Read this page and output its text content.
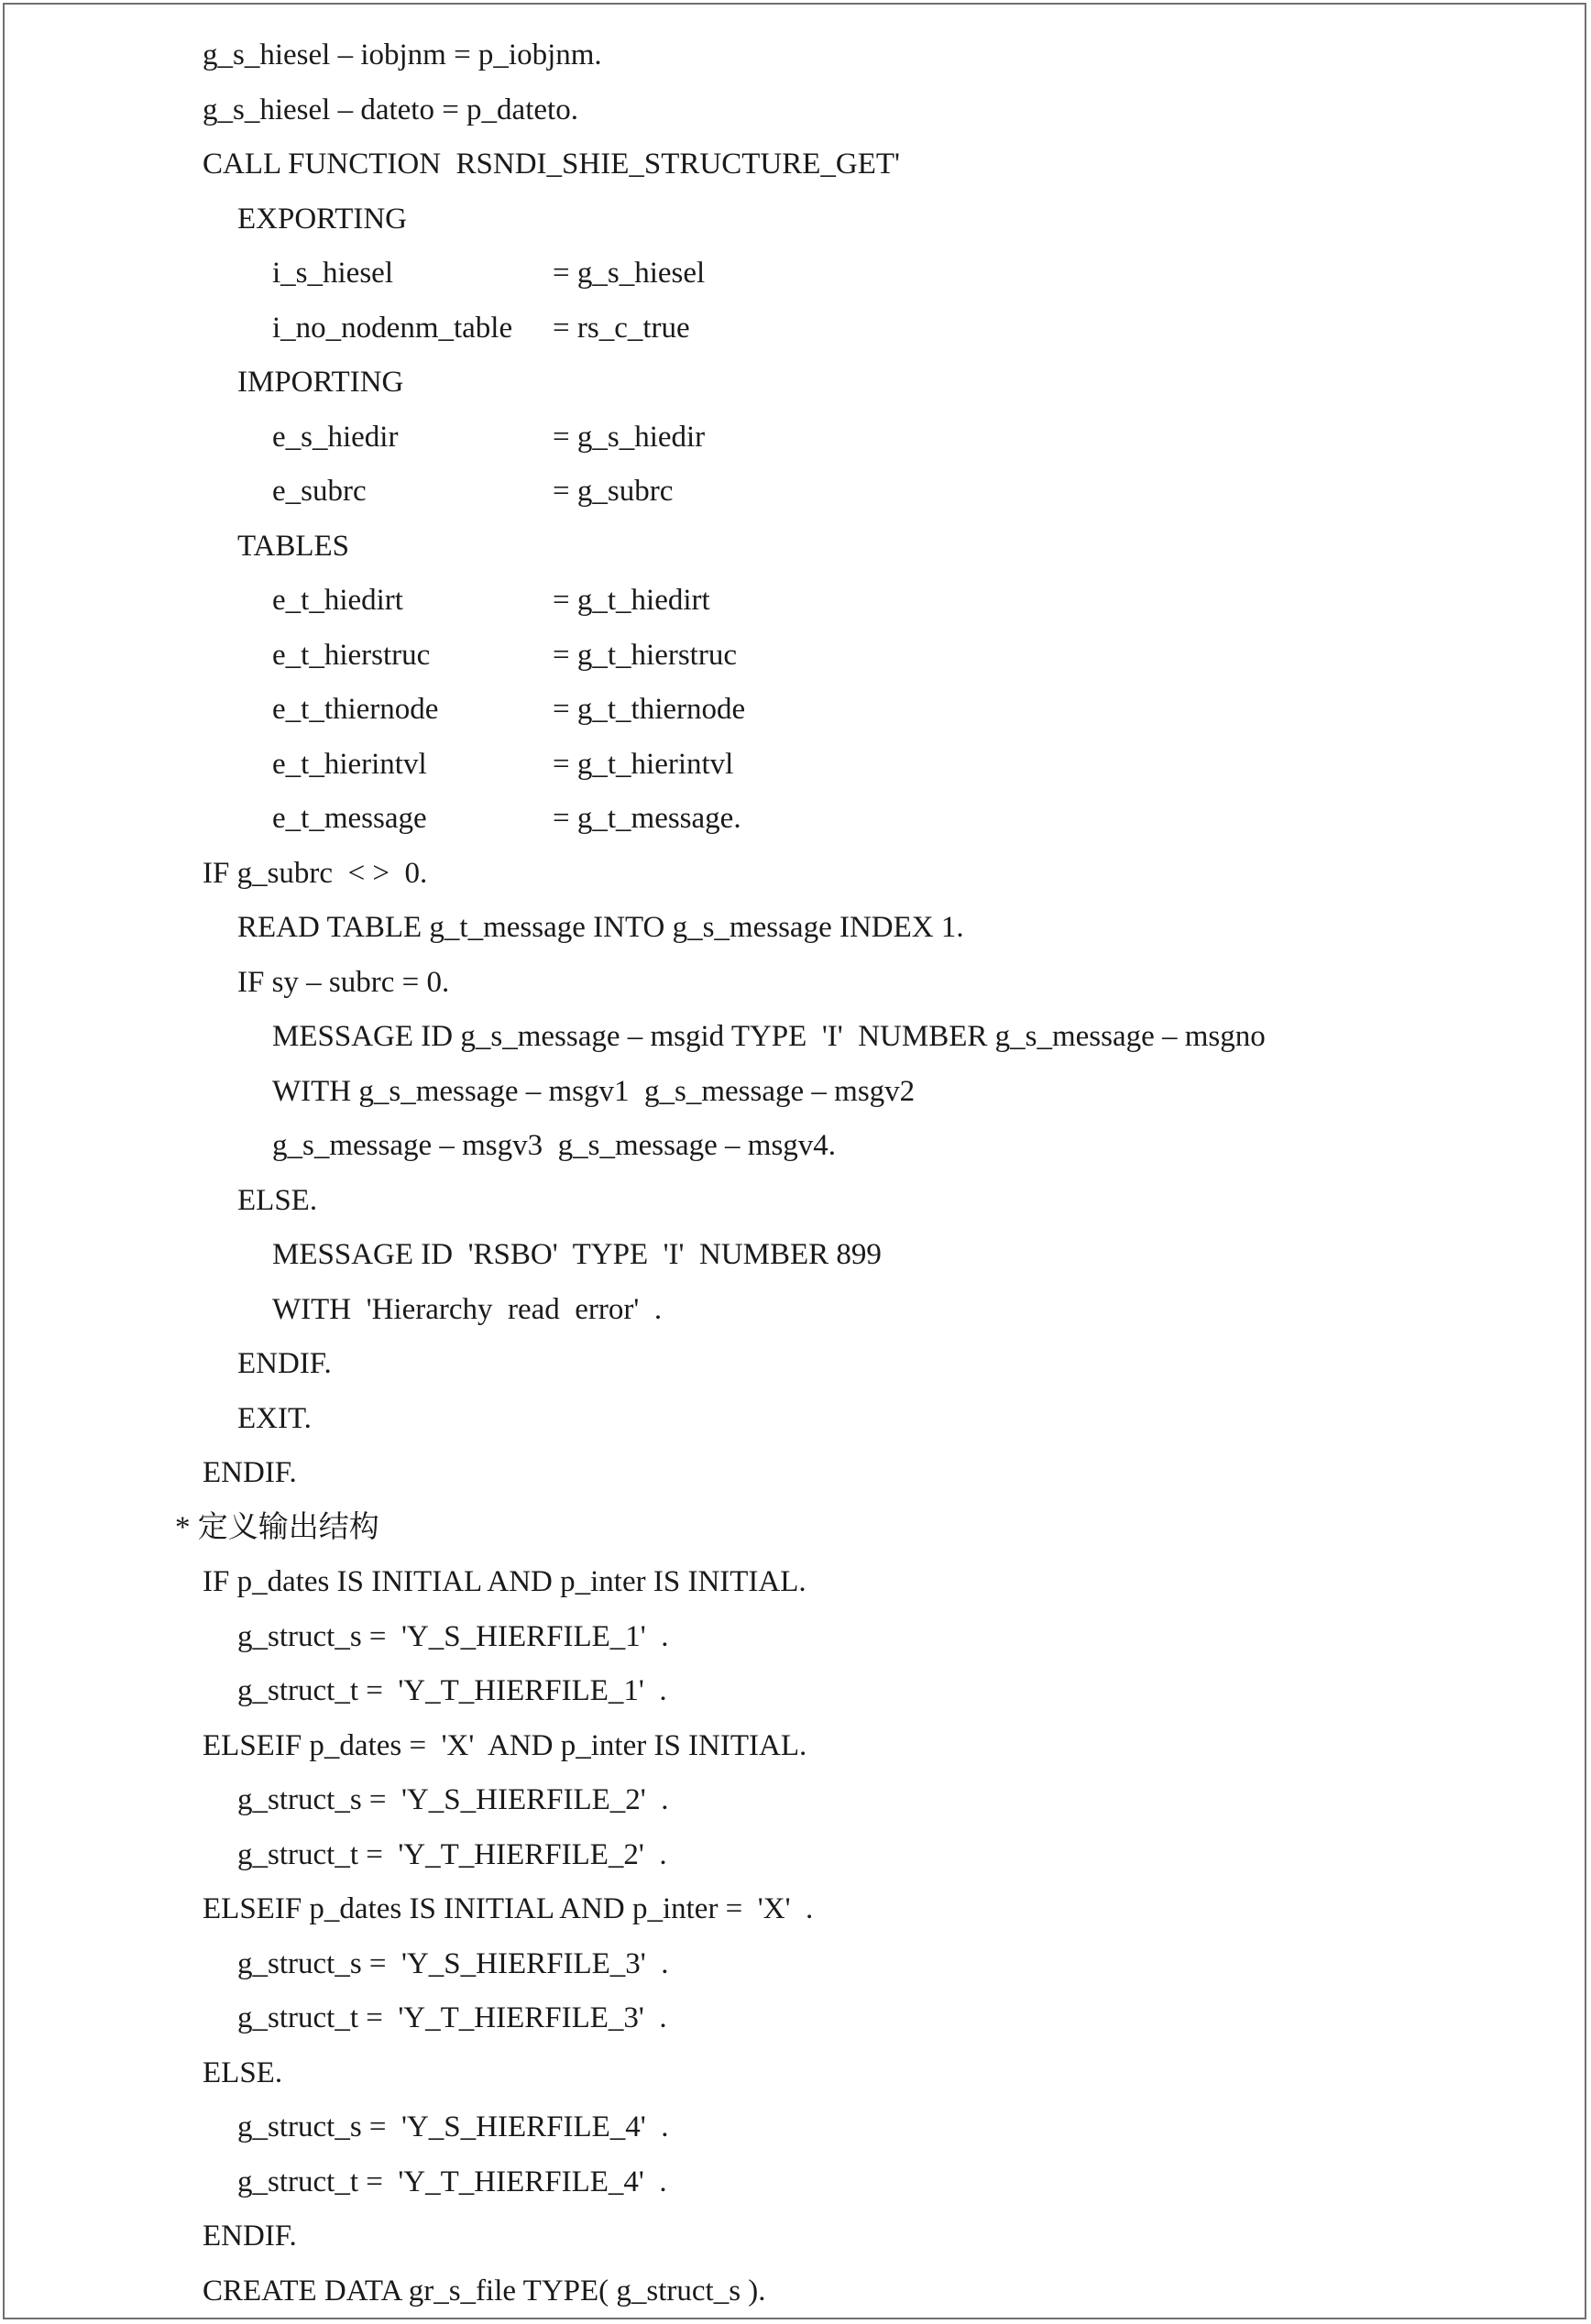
g_s_hiesel – iobjnm = p_iobjnm.
g_s_hiesel – dateto = p_dateto.
CALL FUNCTION  RSNDI_SHIE_STRUCTURE_GET'
EXPORTING
i_s_hiesel	= g_s_hiesel
i_no_nodenm_table = rs_c_true
IMPORTING
e_s_hiedir	= g_s_hiedir
e_subrc	= g_subrc
TABLES
e_t_hiedirt	= g_t_hiedirt
e_t_hierstruc	= g_t_hierstruc
e_t_thiernode	= g_t_thiernode
e_t_hierintvl	= g_t_hierintvl
e_t_message	= g_t_message.
IF g_subrc  < >  0.
READ TABLE g_t_message INTO g_s_message INDEX 1.
IF sy – subrc = 0.
MESSAGE ID g_s_message – msgid TYPE  'I'  NUMBER g_s_message – msgno
WITH g_s_message – msgv1  g_s_message – msgv2
g_s_message – msgv3  g_s_message – msgv4.
ELSE.
MESSAGE ID  'RSBO'  TYPE  'I'  NUMBER 899
WITH  'Hierarchy  read  error'  .
ENDIF.
EXIT.
ENDIF.
* 定义输出结构
IF p_dates IS INITIAL AND p_inter IS INITIAL.
g_struct_s =  'Y_S_HIERFILE_1'  .
g_struct_t =  'Y_T_HIERFILE_1'  .
ELSEIF p_dates =  'X'  AND p_inter IS INITIAL.
g_struct_s =  'Y_S_HIERFILE_2'  .
g_struct_t =  'Y_T_HIERFILE_2'  .
ELSEIF p_dates IS INITIAL AND p_inter =  'X'  .
g_struct_s =  'Y_S_HIERFILE_3'  .
g_struct_t =  'Y_T_HIERFILE_3'  .
ELSE.
g_struct_s =  'Y_S_HIERFILE_4'  .
g_struct_t =  'Y_T_HIERFILE_4'  .
ENDIF.
CREATE DATA gr_s_file TYPE( g_struct_s ).
